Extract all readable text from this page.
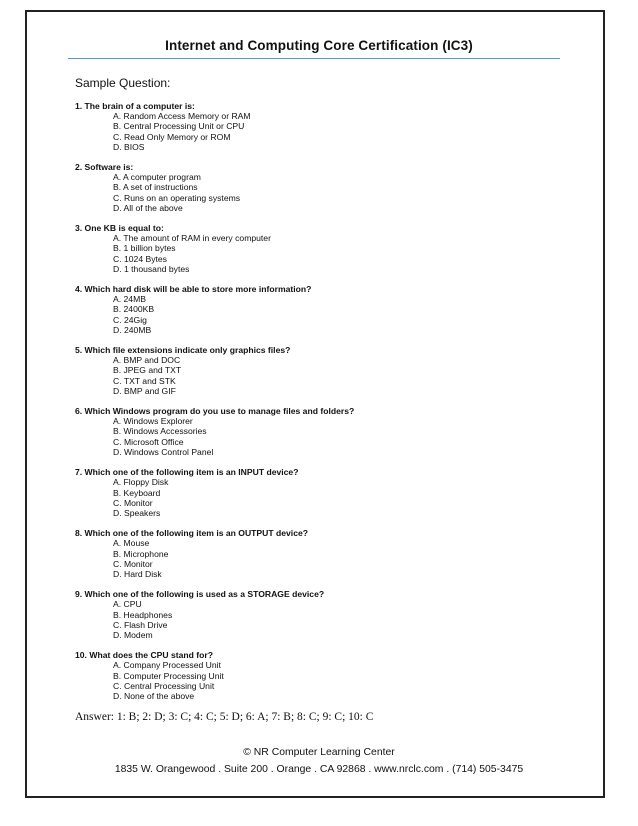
Internet and Computing Core Certification (IC3)
Sample Question:
1. The brain of a computer is:
A. Random Access Memory or RAM
B. Central Processing Unit or CPU
C. Read Only Memory or ROM
D. BIOS
2. Software is:
A. A computer program
B. A set of instructions
C. Runs on an operating systems
D. All of the above
3. One KB is equal to:
A. The amount of RAM in every computer
B. 1 billion bytes
C. 1024 Bytes
D. 1 thousand bytes
4. Which hard disk will be able to store more information?
A. 24MB
B. 2400KB
C. 24Gig
D. 240MB
5. Which file extensions indicate only graphics files?
A. BMP and DOC
B. JPEG and TXT
C. TXT and STK
D. BMP and GIF
6. Which Windows program do you use to manage files and folders?
A. Windows Explorer
B. Windows Accessories
C. Microsoft Office
D. Windows Control Panel
7. Which one of the following item is an INPUT device?
A. Floppy Disk
B. Keyboard
C. Monitor
D. Speakers
8. Which one of the following item is an OUTPUT device?
A. Mouse
B. Microphone
C. Monitor
D. Hard Disk
9. Which one of the following is used as a STORAGE device?
A. CPU
B. Headphones
C. Flash Drive
D. Modem
10. What does the CPU stand for?
A. Company Processed Unit
B. Computer Processing Unit
C. Central Processing Unit
D. None of the above
Answer: 1: B; 2: D; 3: C; 4: C; 5: D; 6: A; 7: B; 8: C; 9: C; 10: C
© NR Computer Learning Center
1835 W. Orangewood . Suite 200 . Orange . CA 92868 . www.nrclc.com . (714) 505-3475
